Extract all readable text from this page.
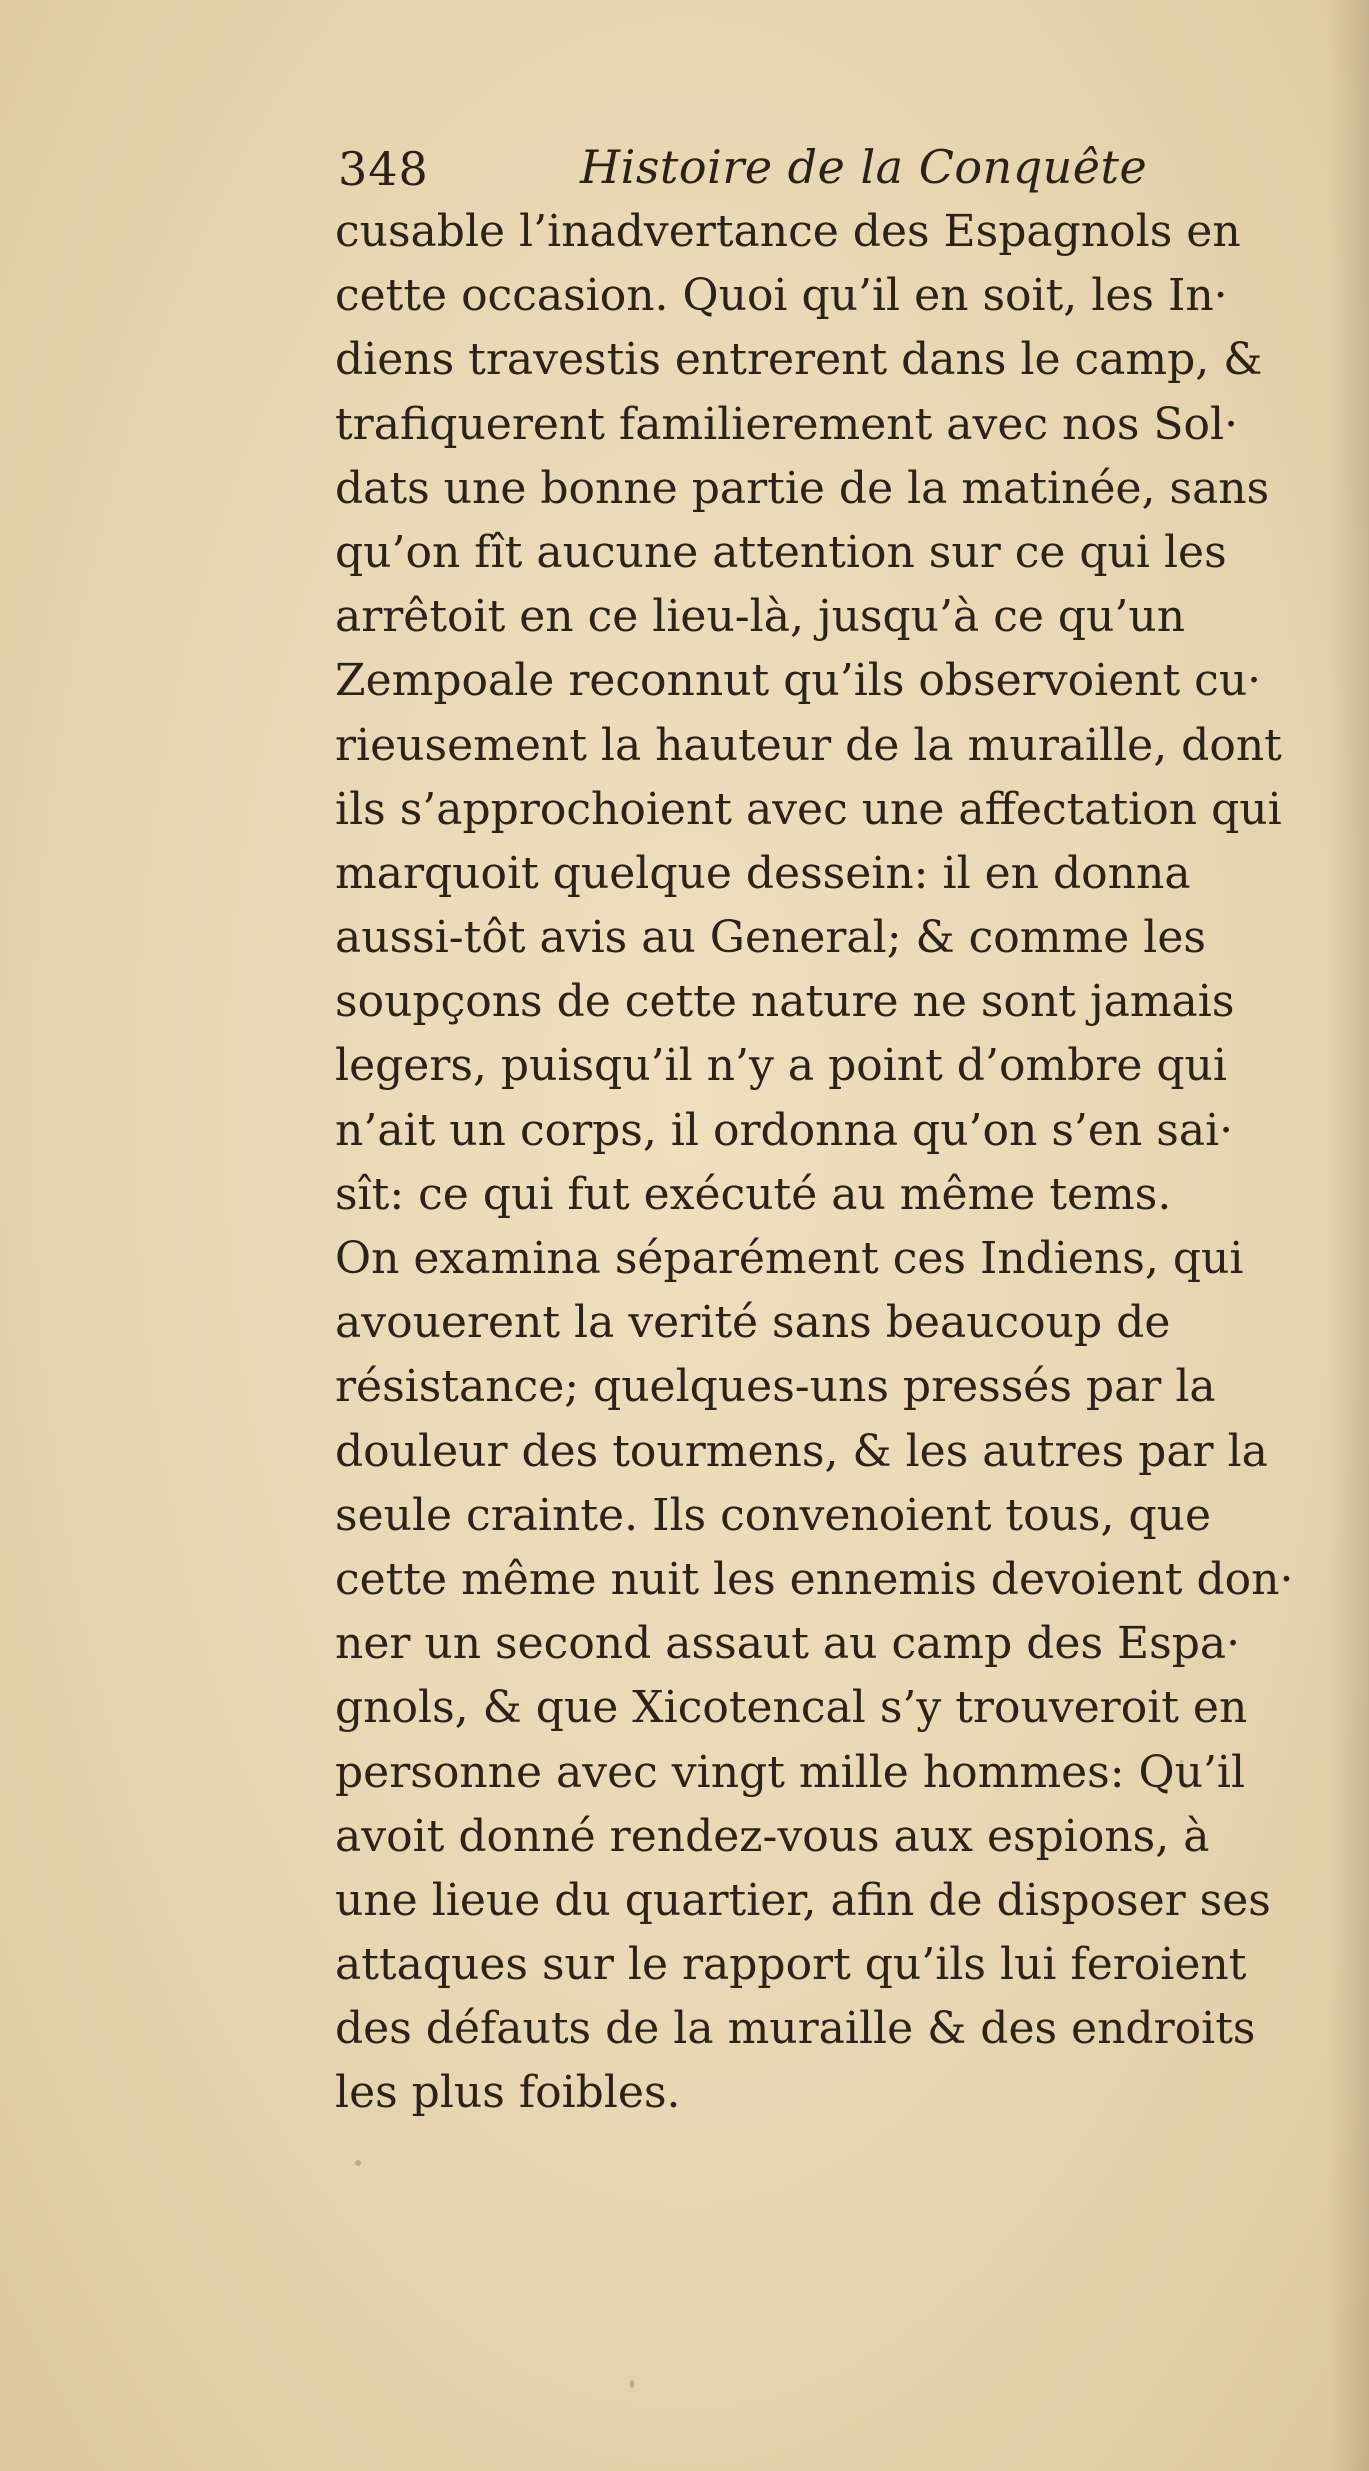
348	Histoire de la Conquête
cusable l’inadvertance des Espagnols en
cette occasion. Quoi qu’il en soit, les In·
diens travestis entrerent dans le camp, &
trafiquerent familierement avec nos Sol·
dats une bonne partie de la matinée, sans
qu’on fît aucune attention sur ce qui les
arrêtoit en ce lieu-là, jusqu’à ce qu’un
Zempoale reconnut qu’ils observoient cu·
rieusement la hauteur de la muraille, dont
ils s’approchoient avec une affectation qui
marquoit quelque dessein: il en donna
aussi-tôt avis au General; & comme les
soupçons de cette nature ne sont jamais
legers, puisqu’il n’y a point d’ombre qui
n’ait un corps, il ordonna qu’on s’en sai·
sît: ce qui fut exécuté au même tems.
On examina séparément ces Indiens, qui
avouerent la verité sans beaucoup de
résistance; quelques-uns pressés par la
douleur des tourmens, & les autres par la
seule crainte. Ils convenoient tous, que
cette même nuit les ennemis devoient don·
ner un second assaut au camp des Espa·
gnols, & que Xicotencal s’y trouveroit en
personne avec vingt mille hommes: Qu’il
avoit donné rendez-vous aux espions, à
une lieue du quartier, afin de disposer ses
attaques sur le rapport qu’ils lui feroient
des défauts de la muraille & des endroits
les plus foibles.
